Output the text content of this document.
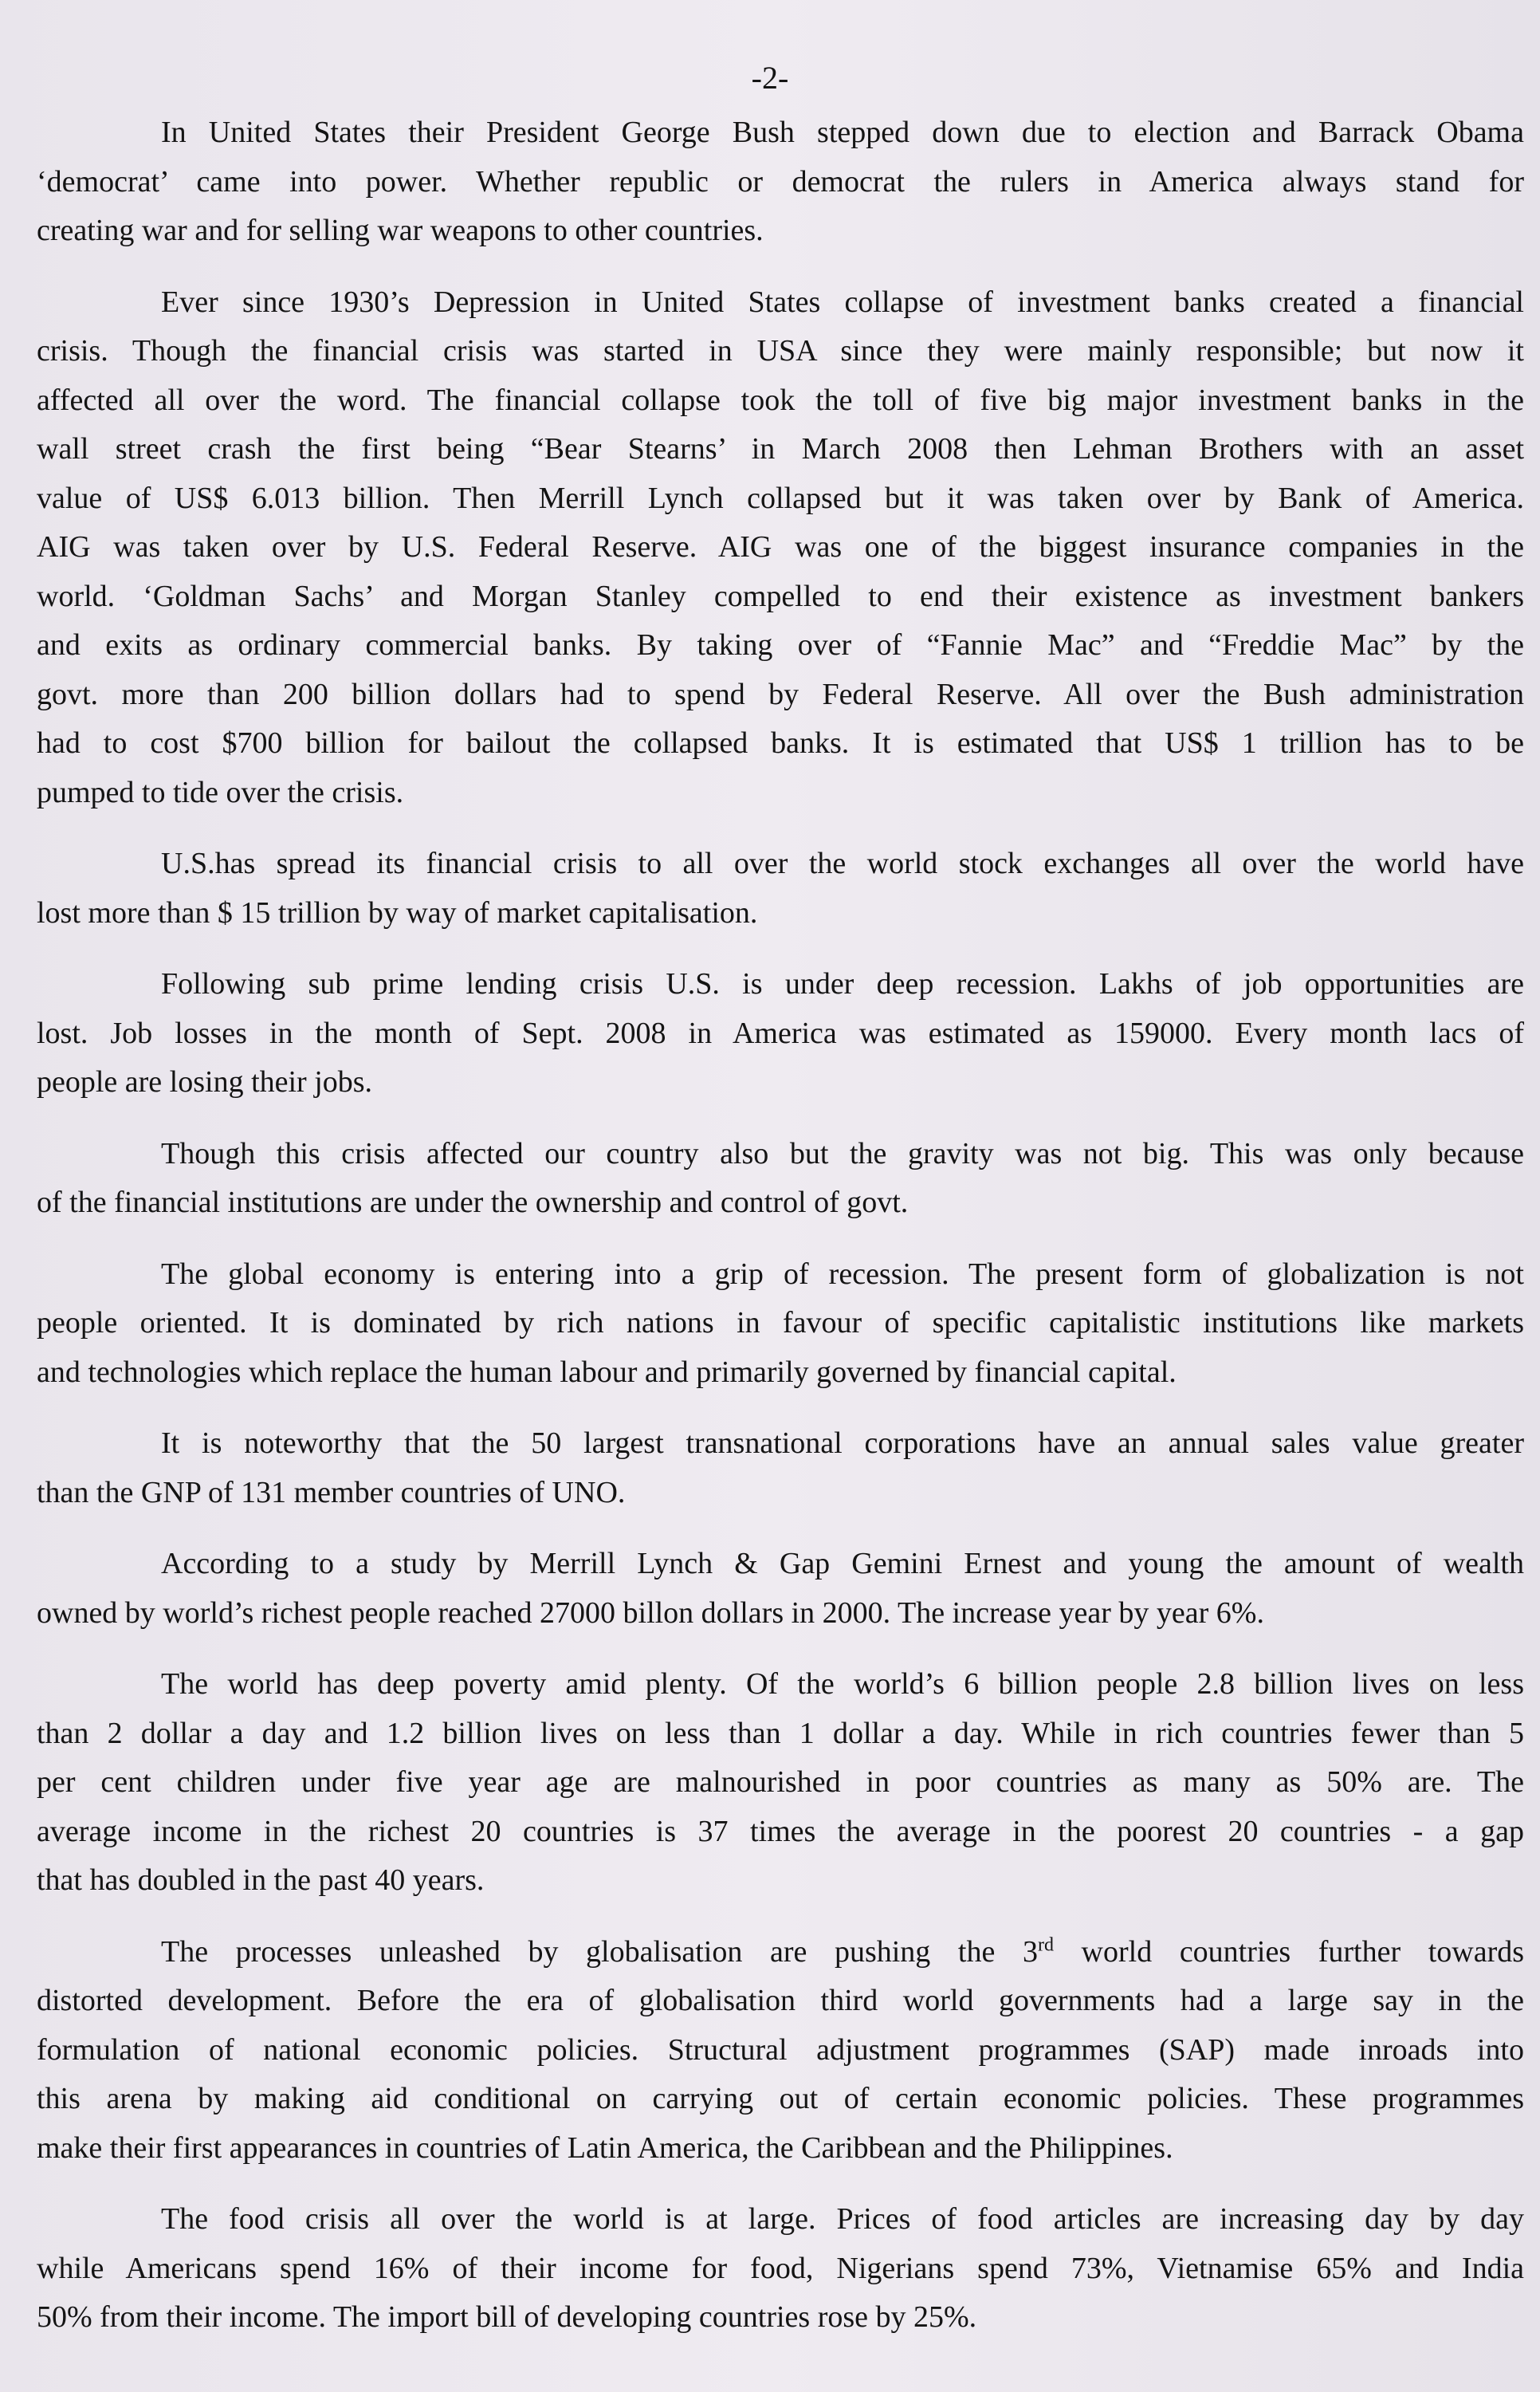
-2-

In United States their President George Bush stepped down due to election and Barrack Obama
‘democrat’ came into power. Whether republic or democrat the rulers in America always stand for
creating war and for selling war weapons to other countries.

Ever since 1930’s Depression in United States collapse of investment banks created a financial
crisis. Though the financial crisis was started in USA since they were mainly responsible; but now it
affected all over the word. The financial collapse took the toll of five big major investment banks in the
wall street crash the first being “Bear Stearns’ in March 2008 then Lehman Brothers with an asset
value of US$ 6.013 billion. Then Merrill Lynch collapsed but it was taken over by Bank of America.
AIG was taken over by U.S. Federal Reserve. AIG was one of the biggest insurance companies in the
world. ‘Goldman Sachs’ and Morgan Stanley compelled to end their existence as investment bankers
and exits as ordinary commercial banks. By taking over of “Fannie Mac” and “Freddie Mac” by the
govt. more than 200 billion dollars had to spend by Federal Reserve. All over the Bush administration
had to cost $700 billion for bailout the collapsed banks. It is estimated that US$ 1 trillion has to be
pumped to tide over the crisis.

U.S.has spread its financial crisis to all over the world stock exchanges all over the world have
lost more than $ 15 trillion by way of market capitalisation.

Following sub prime lending crisis U.S. is under deep recession. Lakhs of job opportunities are
lost. Job losses in the month of Sept. 2008 in America was estimated as 159000. Every month lacs of
people are losing their jobs.

Though this crisis affected our country also but the gravity was not big. This was only because
of the financial institutions are under the ownership and control of govt.

The global economy is entering into a grip of recession. The present form of globalization is not
people oriented. It is dominated by rich nations in favour of specific capitalistic institutions like markets
and technologies which replace the human labour and primarily governed by financial capital.

It is noteworthy that the 50 largest transnational corporations have an annual sales value greater
than the GNP of 131 member countries of UNO.

According to a study by Merrill Lynch & Gap Gemini Ernest and young the amount of wealth
owned by world’s richest people reached 27000 billon dollars in 2000. The increase year by year 6%.

The world has deep poverty amid plenty. Of the world’s 6 billion people 2.8 billion lives on less
than 2 dollar a day and 1.2 billion lives on less than 1 dollar a day. While in rich countries fewer than 5
per cent children under five year age are malnourished in poor countries as many as 50% are. The
average income in the richest 20 countries is 37 times the average in the poorest 20 countries - a gap
that has doubled in the past 40 years.

The processes unleashed by globalisation are pushing the 3rd world countries further towards
distorted development. Before the era of globalisation third world governments had a large say in the
formulation of national economic policies. Structural adjustment programmes (SAP) made inroads into
this arena by making aid conditional on carrying out of certain economic policies. These programmes
make their first appearances in countries of Latin America, the Caribbean and the Philippines.

The food crisis all over the world is at large. Prices of food articles are increasing day by day
while Americans spend 16% of their income for food, Nigerians spend 73%, Vietnamise 65% and India
50% from their income. The import bill of developing countries rose by 25%.
